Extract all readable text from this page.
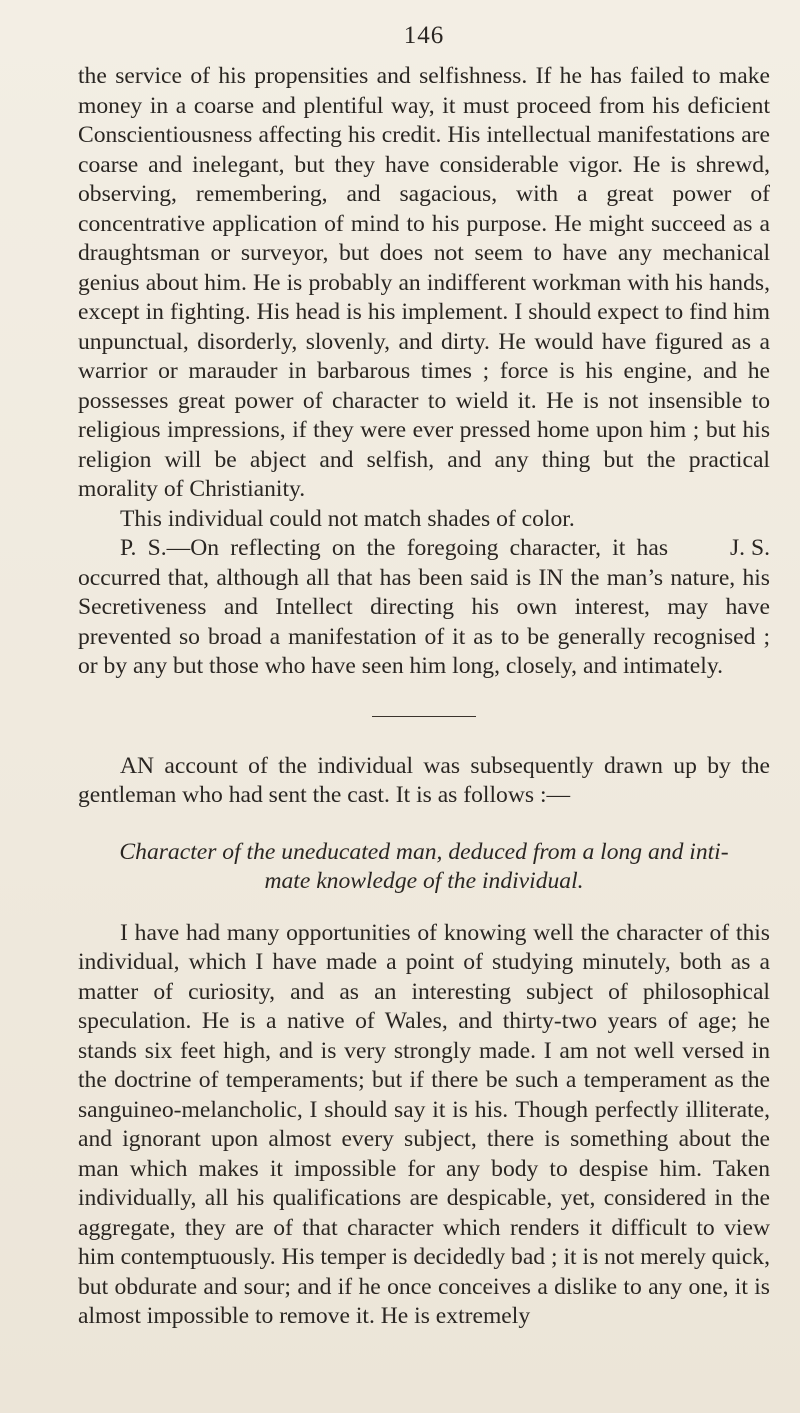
146

the service of his propensities and selfishness. If he has failed to make money in a coarse and plentiful way, it must proceed from his deficient Conscientiousness affecting his credit. His intellectual manifestations are coarse and inelegant, but they have considerable vigor. He is shrewd, observing, remembering, and sagacious, with a great power of concentrative application of mind to his purpose. He might succeed as a draughtsman or surveyor, but does not seem to have any mechanical genius about him. He is probably an indifferent workman with his hands, except in fighting. His head is his implement. I should expect to find him unpunctual, disorderly, slovenly, and dirty. He would have figured as a warrior or marauder in barbarous times ; force is his engine, and he possesses great power of character to wield it. He is not insensible to religious impressions, if they were ever pressed home upon him ; but his religion will be abject and selfish, and any thing but the practical morality of Christianity.

This individual could not match shades of color.

J. S.
P. S.—On reflecting on the foregoing character, it has occurred that, although all that has been said is IN the man’s nature, his Secretiveness and Intellect directing his own interest, may have prevented so broad a manifestation of it as to be generally recognised ; or by any but those who have seen him long, closely, and intimately.

AN account of the individual was subsequently drawn up by the gentleman who had sent the cast. It is as follows :—

Character of the uneducated man, deduced from a long and inti-
mate knowledge of the individual.

I have had many opportunities of knowing well the character of this individual, which I have made a point of studying minutely, both as a matter of curiosity, and as an interesting subject of philosophical speculation. He is a native of Wales, and thirty-two years of age; he stands six feet high, and is very strongly made. I am not well versed in the doctrine of temperaments; but if there be such a temperament as the sanguineo-melancholic, I should say it is his. Though perfectly illiterate, and ignorant upon almost every subject, there is something about the man which makes it impossible for any body to despise him. Taken individually, all his qualifications are despicable, yet, considered in the aggregate, they are of that character which renders it difficult to view him contemptuously. His temper is decidedly bad ; it is not merely quick, but obdurate and sour; and if he once conceives a dislike to any one, it is almost impossible to remove it. He is extremely
